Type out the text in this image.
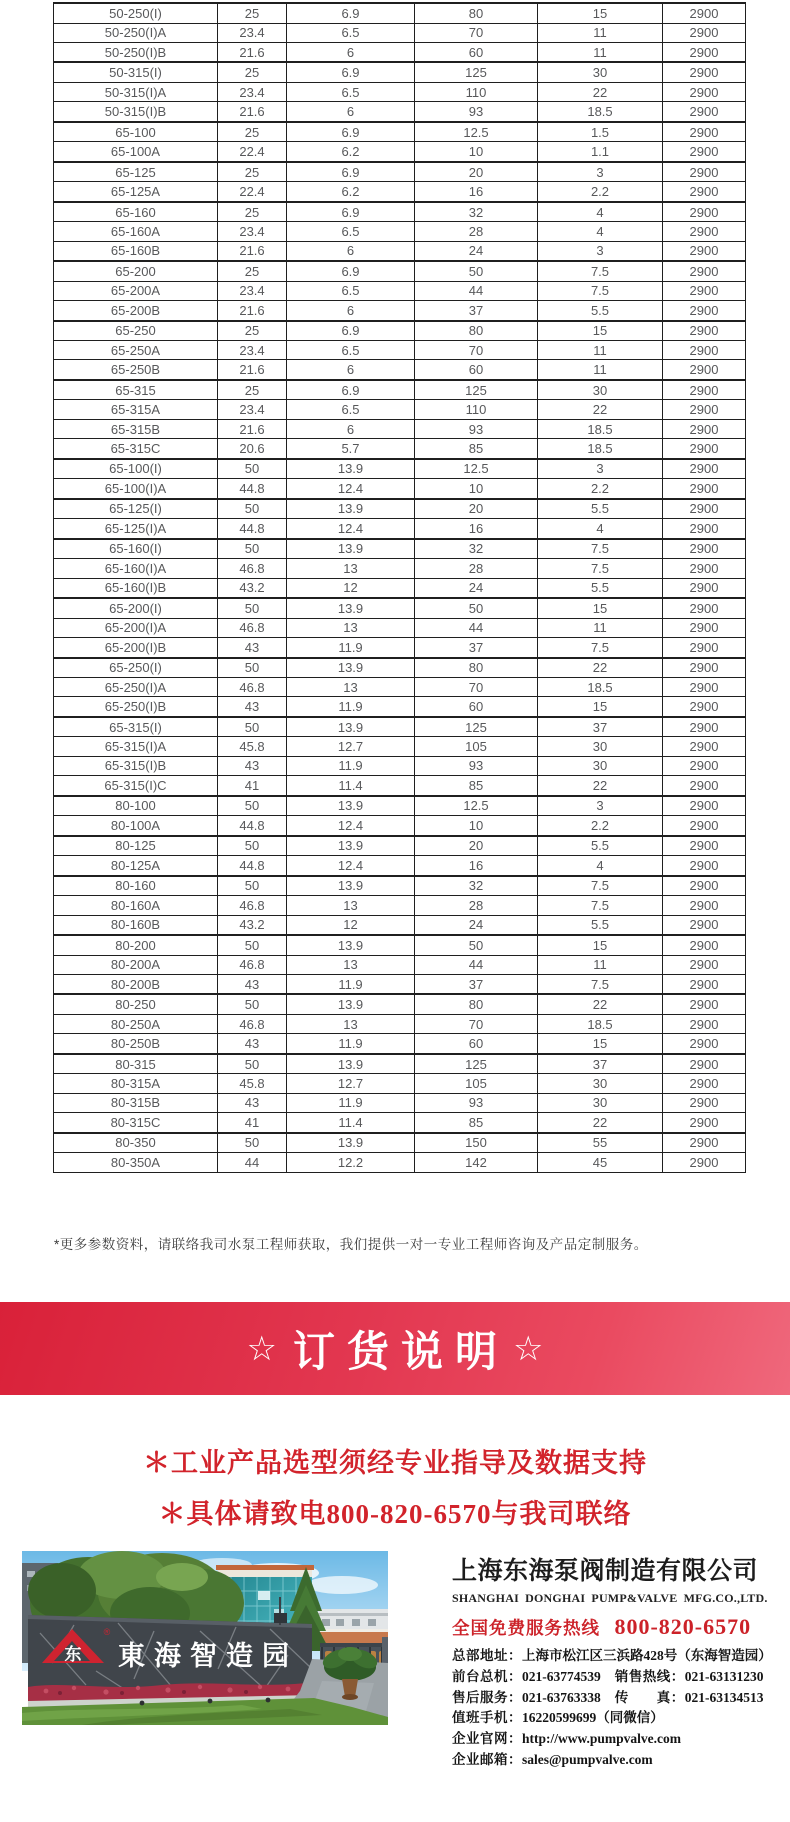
50-250(I)	25	6.9	80	15	2900
50-250(I)A	23.4	6.5	70	11	2900
50-250(I)B	21.6	6	60	11	2900
50-315(I)	25	6.9	125	30	2900
50-315(I)A	23.4	6.5	110	22	2900
50-315(I)B	21.6	6	93	18.5	2900
65-100	25	6.9	12.5	1.5	2900
65-100A	22.4	6.2	10	1.1	2900
65-125	25	6.9	20	3	2900
65-125A	22.4	6.2	16	2.2	2900
65-160	25	6.9	32	4	2900
65-160A	23.4	6.5	28	4	2900
65-160B	21.6	6	24	3	2900
65-200	25	6.9	50	7.5	2900
65-200A	23.4	6.5	44	7.5	2900
65-200B	21.6	6	37	5.5	2900
65-250	25	6.9	80	15	2900
65-250A	23.4	6.5	70	11	2900
65-250B	21.6	6	60	11	2900
65-315	25	6.9	125	30	2900
65-315A	23.4	6.5	110	22	2900
65-315B	21.6	6	93	18.5	2900
65-315C	20.6	5.7	85	18.5	2900
65-100(I)	50	13.9	12.5	3	2900
65-100(I)A	44.8	12.4	10	2.2	2900
65-125(I)	50	13.9	20	5.5	2900
65-125(I)A	44.8	12.4	16	4	2900
65-160(I)	50	13.9	32	7.5	2900
65-160(I)A	46.8	13	28	7.5	2900
65-160(I)B	43.2	12	24	5.5	2900
65-200(I)	50	13.9	50	15	2900
65-200(I)A	46.8	13	44	11	2900
65-200(I)B	43	11.9	37	7.5	2900
65-250(I)	50	13.9	80	22	2900
65-250(I)A	46.8	13	70	18.5	2900
65-250(I)B	43	11.9	60	15	2900
65-315(I)	50	13.9	125	37	2900
65-315(I)A	45.8	12.7	105	30	2900
65-315(I)B	43	11.9	93	30	2900
65-315(I)C	41	11.4	85	22	2900
80-100	50	13.9	12.5	3	2900
80-100A	44.8	12.4	10	2.2	2900
80-125	50	13.9	20	5.5	2900
80-125A	44.8	12.4	16	4	2900
80-160	50	13.9	32	7.5	2900
80-160A	46.8	13	28	7.5	2900
80-160B	43.2	12	24	5.5	2900
80-200	50	13.9	50	15	2900
80-200A	46.8	13	44	11	2900
80-200B	43	11.9	37	7.5	2900
80-250	50	13.9	80	22	2900
80-250A	46.8	13	70	18.5	2900
80-250B	43	11.9	60	15	2900
80-315	50	13.9	125	37	2900
80-315A	45.8	12.7	105	30	2900
80-315B	43	11.9	93	30	2900
80-315C	41	11.4	85	22	2900
80-350	50	13.9	150	55	2900
80-350A	44	12.2	142	45	2900
*更多参数资料，请联络我司水泵工程师获取，我们提供一对一专业工程师咨询及产品定制服务。
☆ 订货说明 ☆
＊工业产品选型须经专业指导及数据支持
＊具体请致电800-820-6570与我司联络
东
®
東海智造园
上海东海泵阀制造有限公司
SHANGHAI DONGHAI PUMP&VALVE MFG.CO.,LTD.
全国免费服务热线 800-820-6570
总部地址：上海市松江区三浜路428号（东海智造园）
前台总机：021-63774539　销售热线：021-63131230
售后服务：021-63763338　传　　真：021-63134513
值班手机：16220599699（同微信）
企业官网：http://www.pumpvalve.com
企业邮箱：sales@pumpvalve.com
